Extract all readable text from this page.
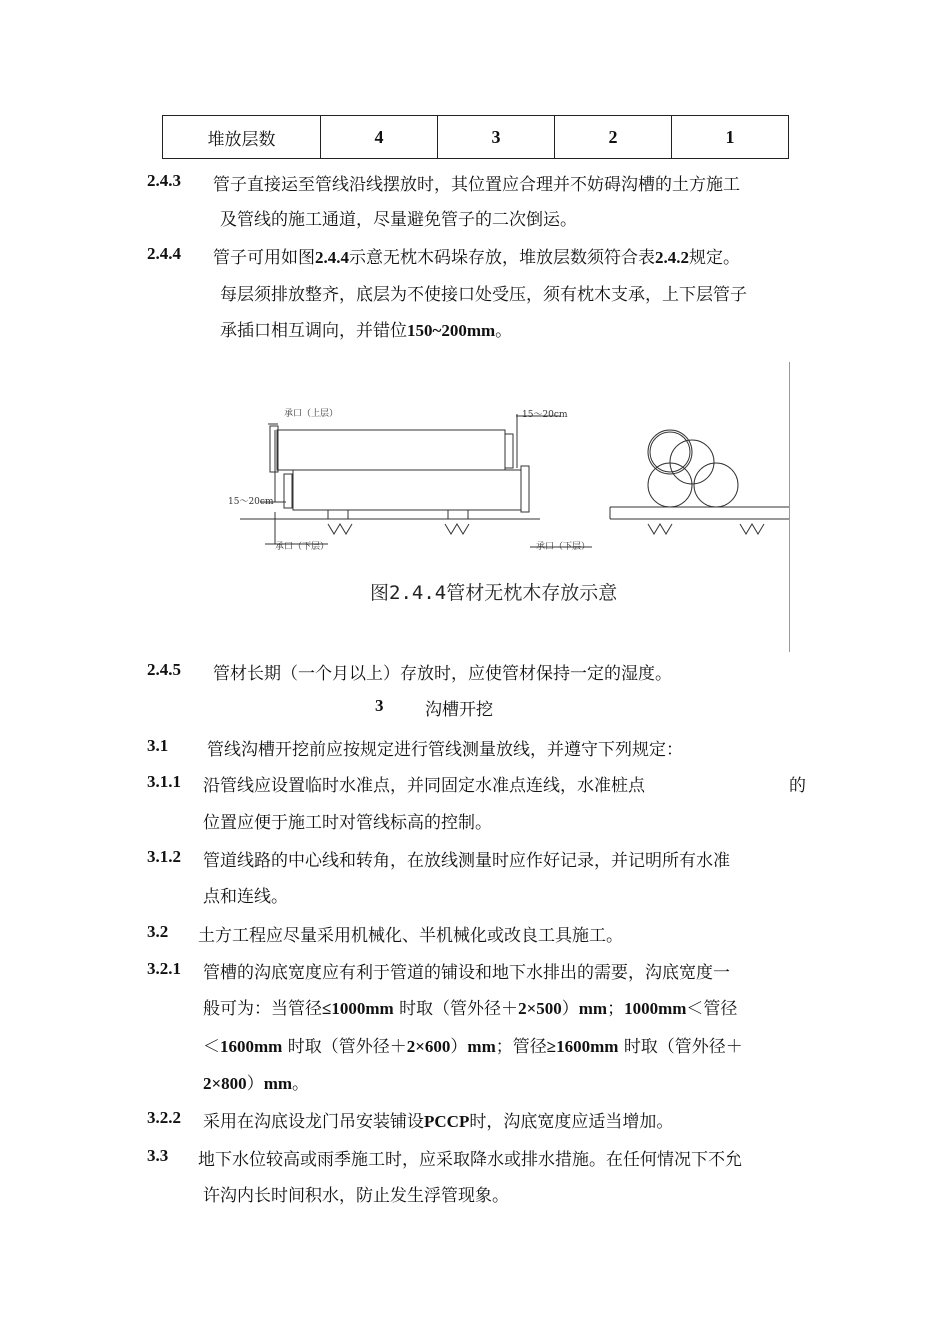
堆放层数	4	3	2	1
2.4.3 管子直接运至管线沿线摆放时，其位置应合理并不妨碍沟槽的土方施工
及管线的施工通道，尽量避免管子的二次倒运。
2.4.4 管子可用如图2.4.4示意无枕木码垛存放，堆放层数须符合表2.4.2规定。
每层须排放整齐，底层为不使接口处受压，须有枕木支承，上下层管子
承插口相互调向，并错位150~200mm。
承口（上层）	15～20cm
15～20cm
承口（下层）	承口（下层）
图2.4.4管材无枕木存放示意
2.4.5 管材长期（一个月以上）存放时，应使管材保持一定的湿度。
3 沟槽开挖
3.1 管线沟槽开挖前应按规定进行管线测量放线，并遵守下列规定：
3.1.1 沿管线应设置临时水准点，并同固定水准点连线，水准桩点	的
位置应便于施工时对管线标高的控制。
3.1.2 管道线路的中心线和转角，在放线测量时应作好记录，并记明所有水准
点和连线。
3.2 土方工程应尽量采用机械化、半机械化或改良工具施工。
3.2.1 管槽的沟底宽度应有利于管道的铺设和地下水排出的需要，沟底宽度一
般可为：当管径≤1000mm 时取（管外径＋2×500）mm；1000mm＜管径
＜1600mm 时取（管外径＋2×600）mm；管径≥1600mm 时取（管外径＋
2×800）mm。
3.2.2 采用在沟底设龙门吊安装铺设PCCP时，沟底宽度应适当增加。
3.3 地下水位较高或雨季施工时，应采取降水或排水措施。在任何情况下不允
许沟内长时间积水，防止发生浮管现象。
